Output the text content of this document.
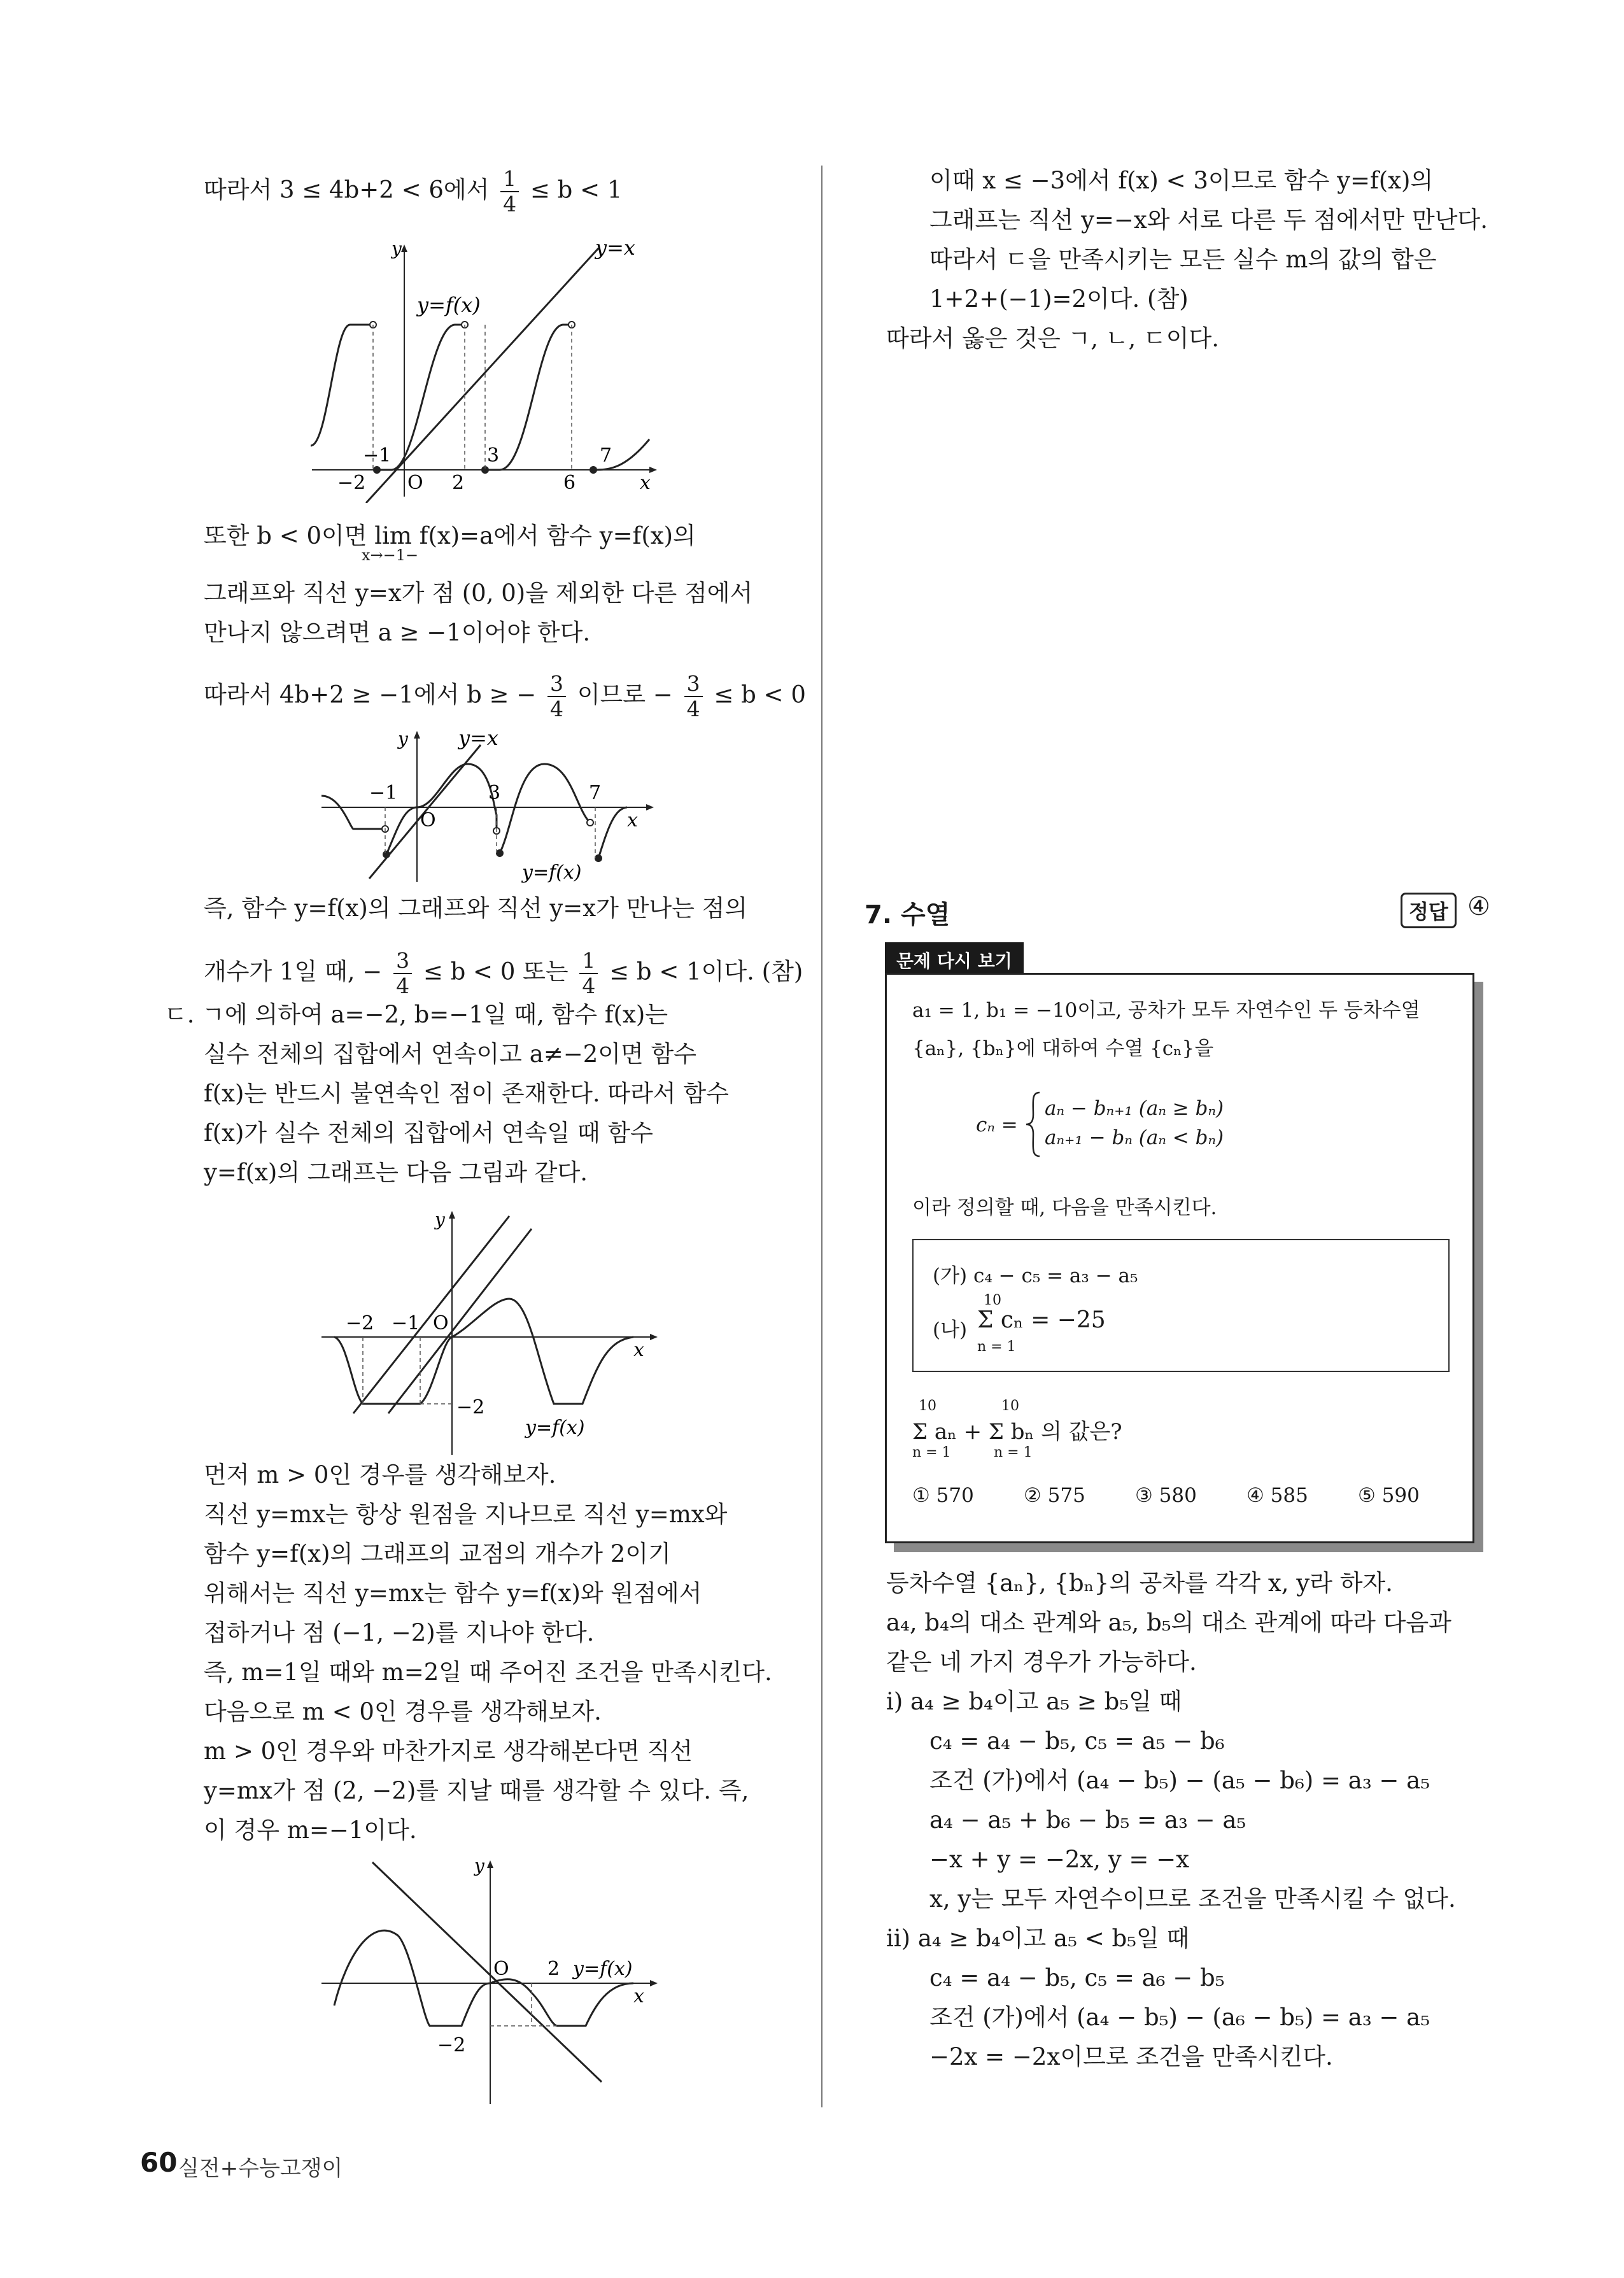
따라서 3 ≤ 4b+2 < 6에서 $\frac{1}{4} \le b < 1$
y	y=x
y=f(x)
−1
−2 O 2
3
6
7
x
또한 b < 0이면 lim f(x)=a에서 함수 y=f(x)의
x→−1−
그래프와 직선 y=x가 점 (0, 0)을 제외한 다른 점에서
만나지 않으려면 a ≥ −1이어야 한다.
따라서 4b+2 ≥ −1에서 b ≥ − $\frac{3}{4}$ 이므로 − $\frac{3}{4} \le b < 0$
y y=x
−1
O
3	7
x
y=f(x)
즉, 함수 y=f(x)의 그래프와 직선 y=x가 만나는 점의
개수가 1일 때, − $\frac{3}{4} \le b < 0$ 또는 $\frac{1}{4} \le b < 1$이다. (참)
ㄷ. ㄱ에 의하여 a=−2, b=−1일 때, 함수 f(x)는
실수 전체의 집합에서 연속이고 a≠−2이면 함수
f(x)는 반드시 불연속인 점이 존재한다. 따라서 함수
f(x)가 실수 전체의 집합에서 연속일 때 함수
y=f(x)의 그래프는 다음 그림과 같다.
y
−2 −1 O
x
−2
y=f(x)
먼저 m > 0인 경우를 생각해보자.
직선 y=mx는 항상 원점을 지나므로 직선 y=mx와
함수 y=f(x)의 그래프의 교점의 개수가 2이기
위해서는 직선 y=mx는 함수 y=f(x)와 원점에서
접하거나 점 (−1, −2)를 지나야 한다.
즉, m=1일 때와 m=2일 때 주어진 조건을 만족시킨다.
다음으로 m < 0인 경우를 생각해보자.
m > 0인 경우와 마찬가지로 생각해본다면 직선
y=mx가 점 (2, −2)를 지날 때를 생각할 수 있다. 즉,
이 경우 m=−1이다.
y
O 2 y=f(x)
x
−2
이때 x ≤ −3에서 f(x) < 3이므로 함수 y=f(x)의
그래프는 직선 y=−x와 서로 다른 두 점에서만 만난다.
따라서 ㄷ을 만족시키는 모든 실수 m의 값의 합은
1+2+(−1)=2이다. (참)
따라서 옳은 것은 ㄱ, ㄴ, ㄷ이다.
7. 수열	정답 ④
문제 다시 보기
a₁ = 1, b₁ = −10이고, 공차가 모두 자연수인 두 등차수열
{aₙ}, {bₙ}에 대하여 수열 {cₙ}을
cₙ =
aₙ − bₙ₊₁ (aₙ ≥ bₙ)
aₙ₊₁ − bₙ (aₙ < bₙ)
이라 정의할 때, 다음을 만족시킨다.
(가) c₄ − c₅ = a₃ − a₅
(나)
10
Σ cₙ = −25
n = 1
10	10
Σ aₙ + Σ bₙ 의 값은?
n = 1	n = 1
① 570	② 575	③ 580	④ 585	⑤ 590
등차수열 {aₙ}, {bₙ}의 공차를 각각 x, y라 하자.
a₄, b₄의 대소 관계와 a₅, b₅의 대소 관계에 따라 다음과
같은 네 가지 경우가 가능하다.
ⅰ) a₄ ≥ b₄이고 a₅ ≥ b₅일 때
c₄ = a₄ − b₅, c₅ = a₅ − b₆
조건 (가)에서 (a₄ − b₅) − (a₅ − b₆) = a₃ − a₅
a₄ − a₅ + b₆ − b₅ = a₃ − a₅
−x + y = −2x, y = −x
x, y는 모두 자연수이므로 조건을 만족시킬 수 없다.
ⅱ) a₄ ≥ b₄이고 a₅ < b₅일 때
c₄ = a₄ − b₅, c₅ = a₆ − b₅
조건 (가)에서 (a₄ − b₅) − (a₆ − b₅) = a₃ − a₅
−2x = −2x이므로 조건을 만족시킨다.
60 실전+수능고쟁이
